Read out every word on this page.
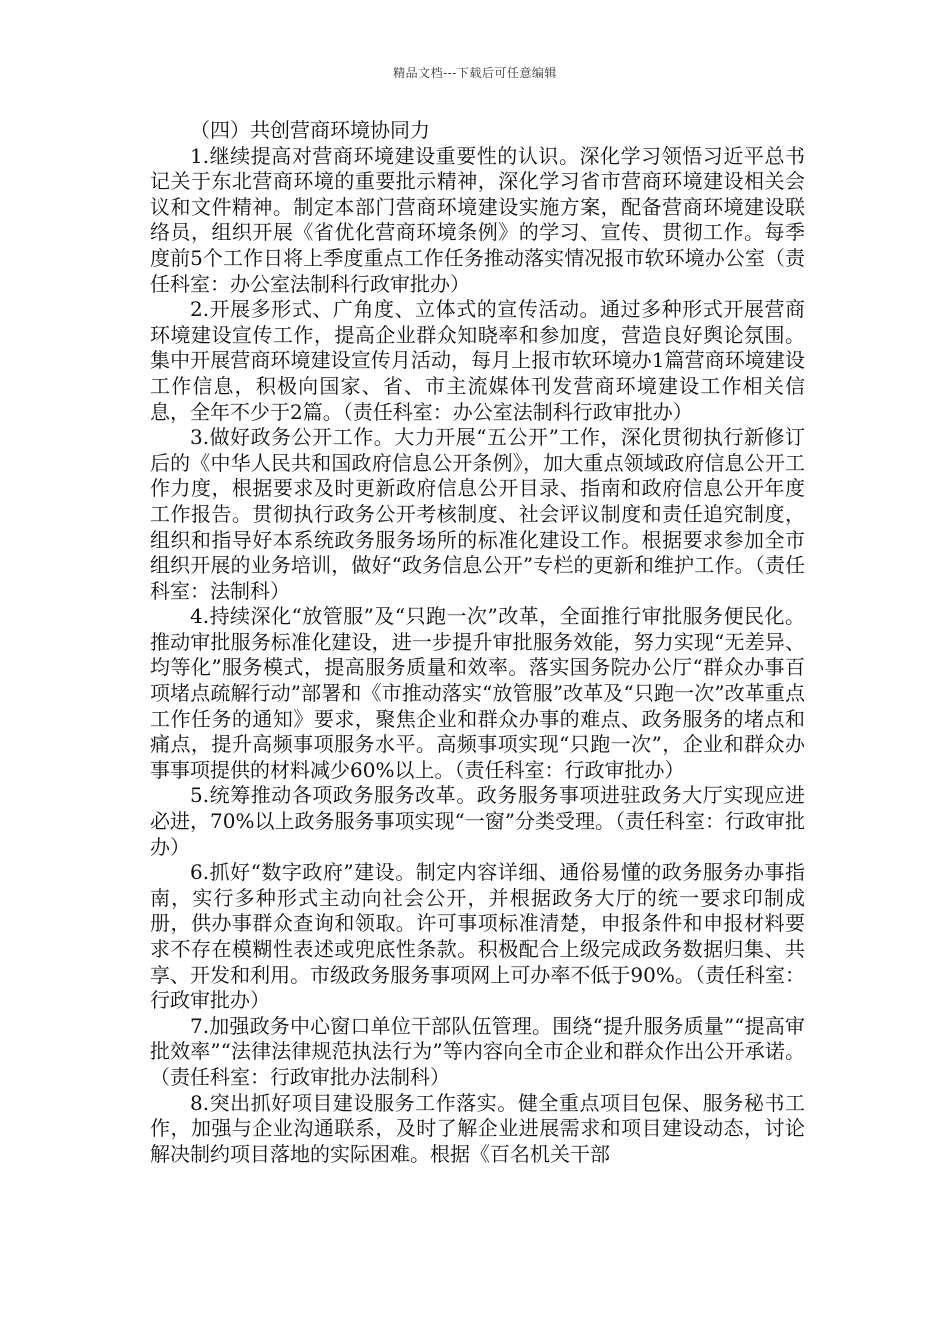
精品文档---下载后可任意编辑

（四）共创营商环境协同力

1.继续提高对营商环境建设重要性的认识。深化学习领悟习近平总书记关于东北营商环境的重要批示精神，深化学习省市营商环境建设相关会议和文件精神。制定本部门营商环境建设实施方案，配备营商环境建设联络员，组织开展《省优化营商环境条例》的学习、宣传、贯彻工作。每季度前5个工作日将上季度重点工作任务推动落实情况报市软环境办公室（责任科室：办公室法制科行政审批办）

2.开展多形式、广角度、立体式的宣传活动。通过多种形式开展营商环境建设宣传工作，提高企业群众知晓率和参加度，营造良好舆论氛围。集中开展营商环境建设宣传月活动，每月上报市软环境办1篇营商环境建设工作信息，积极向国家、省、市主流媒体刊发营商环境建设工作相关信息，全年不少于2篇。（责任科室：办公室法制科行政审批办）

3.做好政务公开工作。大力开展“五公开”工作，深化贯彻执行新修订后的《中华人民共和国政府信息公开条例》，加大重点领域政府信息公开工作力度，根据要求及时更新政府信息公开目录、指南和政府信息公开年度工作报告。贯彻执行政务公开考核制度、社会评议制度和责任追究制度，组织和指导好本系统政务服务场所的标准化建设工作。根据要求参加全市组织开展的业务培训，做好“政务信息公开”专栏的更新和维护工作。（责任科室：法制科）

4.持续深化“放管服”及“只跑一次”改革，全面推行审批服务便民化。推动审批服务标准化建设，进一步提升审批服务效能，努力实现“无差异、均等化”服务模式，提高服务质量和效率。落实国务院办公厅“群众办事百项堵点疏解行动”部署和《市推动落实“放管服”改革及“只跑一次”改革重点工作任务的通知》要求，聚焦企业和群众办事的难点、政务服务的堵点和痛点，提升高频事项服务水平。高频事项实现“只跑一次”，企业和群众办事事项提供的材料减少60%以上。（责任科室：行政审批办）

5.统筹推动各项政务服务改革。政务服务事项进驻政务大厅实现应进必进，70%以上政务服务事项实现“一窗”分类受理。（责任科室：行政审批办）

6.抓好“数字政府”建设。制定内容详细、通俗易懂的政务服务办事指南，实行多种形式主动向社会公开，并根据政务大厅的统一要求印制成册，供办事群众查询和领取。许可事项标准清楚，申报条件和申报材料要求不存在模糊性表述或兜底性条款。积极配合上级完成政务数据归集、共享、开发和利用。市级政务服务事项网上可办率不低于90%。（责任科室：行政审批办）

7.加强政务中心窗口单位干部队伍管理。围绕“提升服务质量”“提高审批效率”“法律法律规范执法行为”等内容向全市企业和群众作出公开承诺。（责任科室：行政审批办法制科）

8.突出抓好项目建设服务工作落实。健全重点项目包保、服务秘书工作，加强与企业沟通联系，及时了解企业进展需求和项目建设动态，讨论解决制约项目落地的实际困难。根据《百名机关干部
